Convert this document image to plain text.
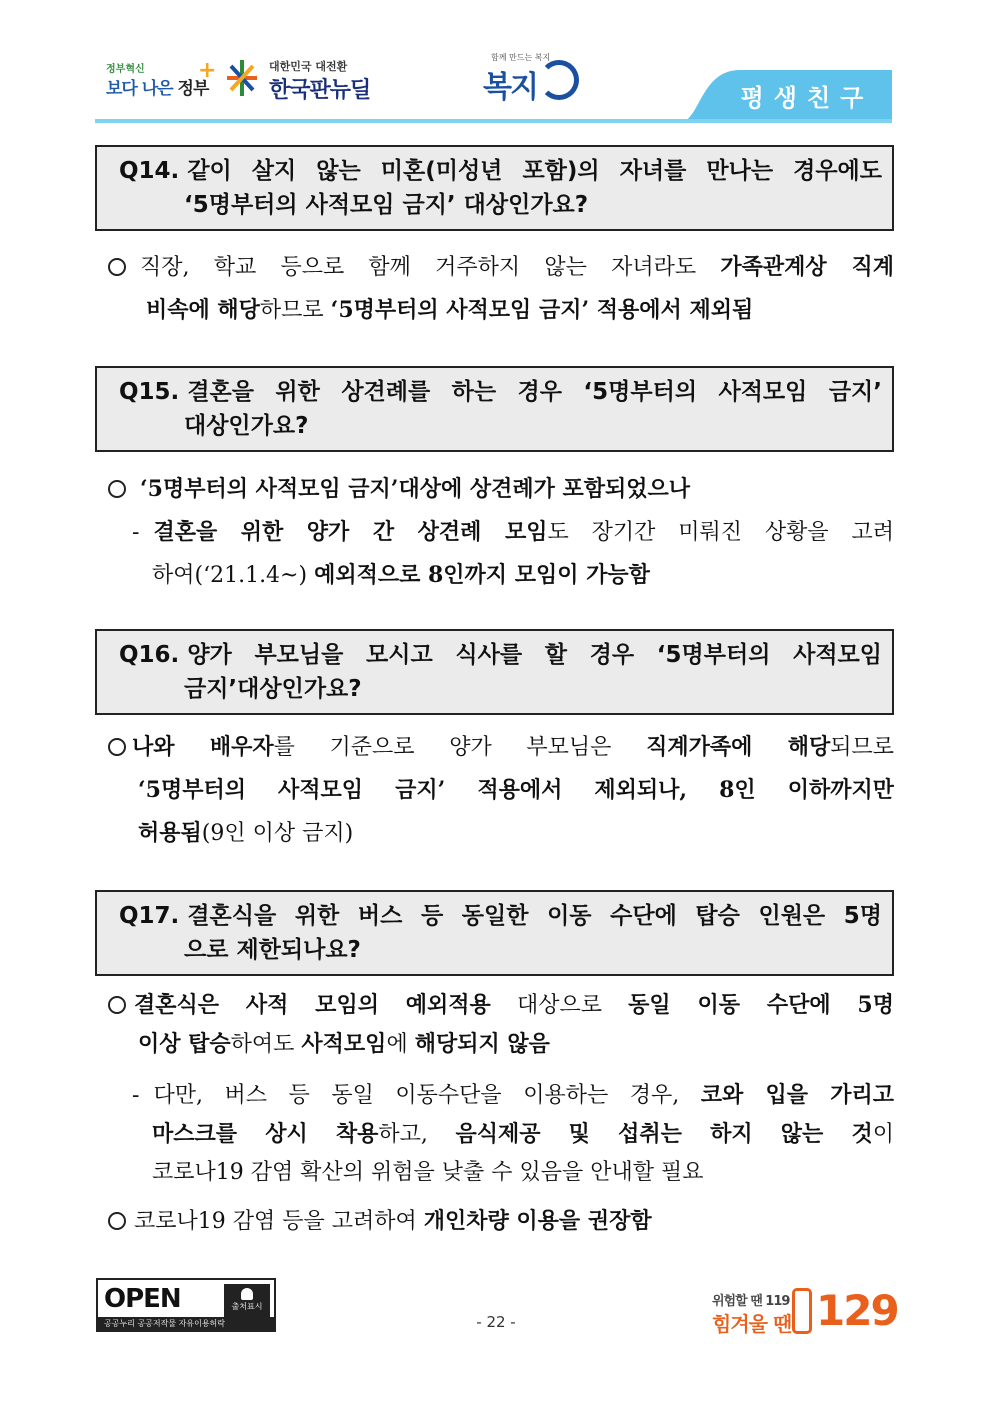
정부혁신
보다 나은 정부
+	대한민국 대전환
한국판뉴딜
함께 만드는 복지
복지	평생친구
Q14.
같이 살지 않는 미혼(미성년 포함)의 자녀를 만나는 경우에도
‘5명부터의 사적모임 금지’ 대상인가요?
직장, 학교 등으로 함께 거주하지 않는 자녀라도 가족관계상 직계
비속에 해당하므로 ‘5명부터의 사적모임 금지’ 적용에서 제외됨
Q15.
결혼을 위한 상견례를 하는 경우 ‘5명부터의 사적모임 금지’
대상인가요?
‘5명부터의 사적모임 금지’대상에 상견례가 포함되었으나
- 결혼을 위한 양가 간 상견례 모임도 장기간 미뤄진 상황을 고려
하여(‘21.1.4~) 예외적으로 8인까지 모임이 가능함
Q16.
양가 부모님을 모시고 식사를 할 경우 ‘5명부터의 사적모임
금지’대상인가요?
나와 배우자를 기준으로 양가 부모님은 직계가족에 해당되므로
‘5명부터의 사적모임 금지’ 적용에서 제외되나, 8인 이하까지만
허용됨(9인 이상 금지)
Q17.
결혼식을 위한 버스 등 동일한 이동 수단에 탑승 인원은 5명
으로 제한되나요?
결혼식은 사적 모임의 예외적용 대상으로 동일 이동 수단에 5명
이상 탑승하여도 사적모임에 해당되지 않음
- 다만, 버스 등 동일 이동수단을 이용하는 경우, 코와 입을 가리고
마스크를 상시 착용하고, 음식제공 및 섭취는 하지 않는 것이
코로나19 감염 확산의 위험을 낮출 수 있음을 안내할 필요
코로나19 감염 등을 고려하여 개인차량 이용을 권장함
OPEN	출처표시
공공누리 공공저작물 자유이용허락	- 22 -
위험할 땐 119
힘겨울 땐 129
